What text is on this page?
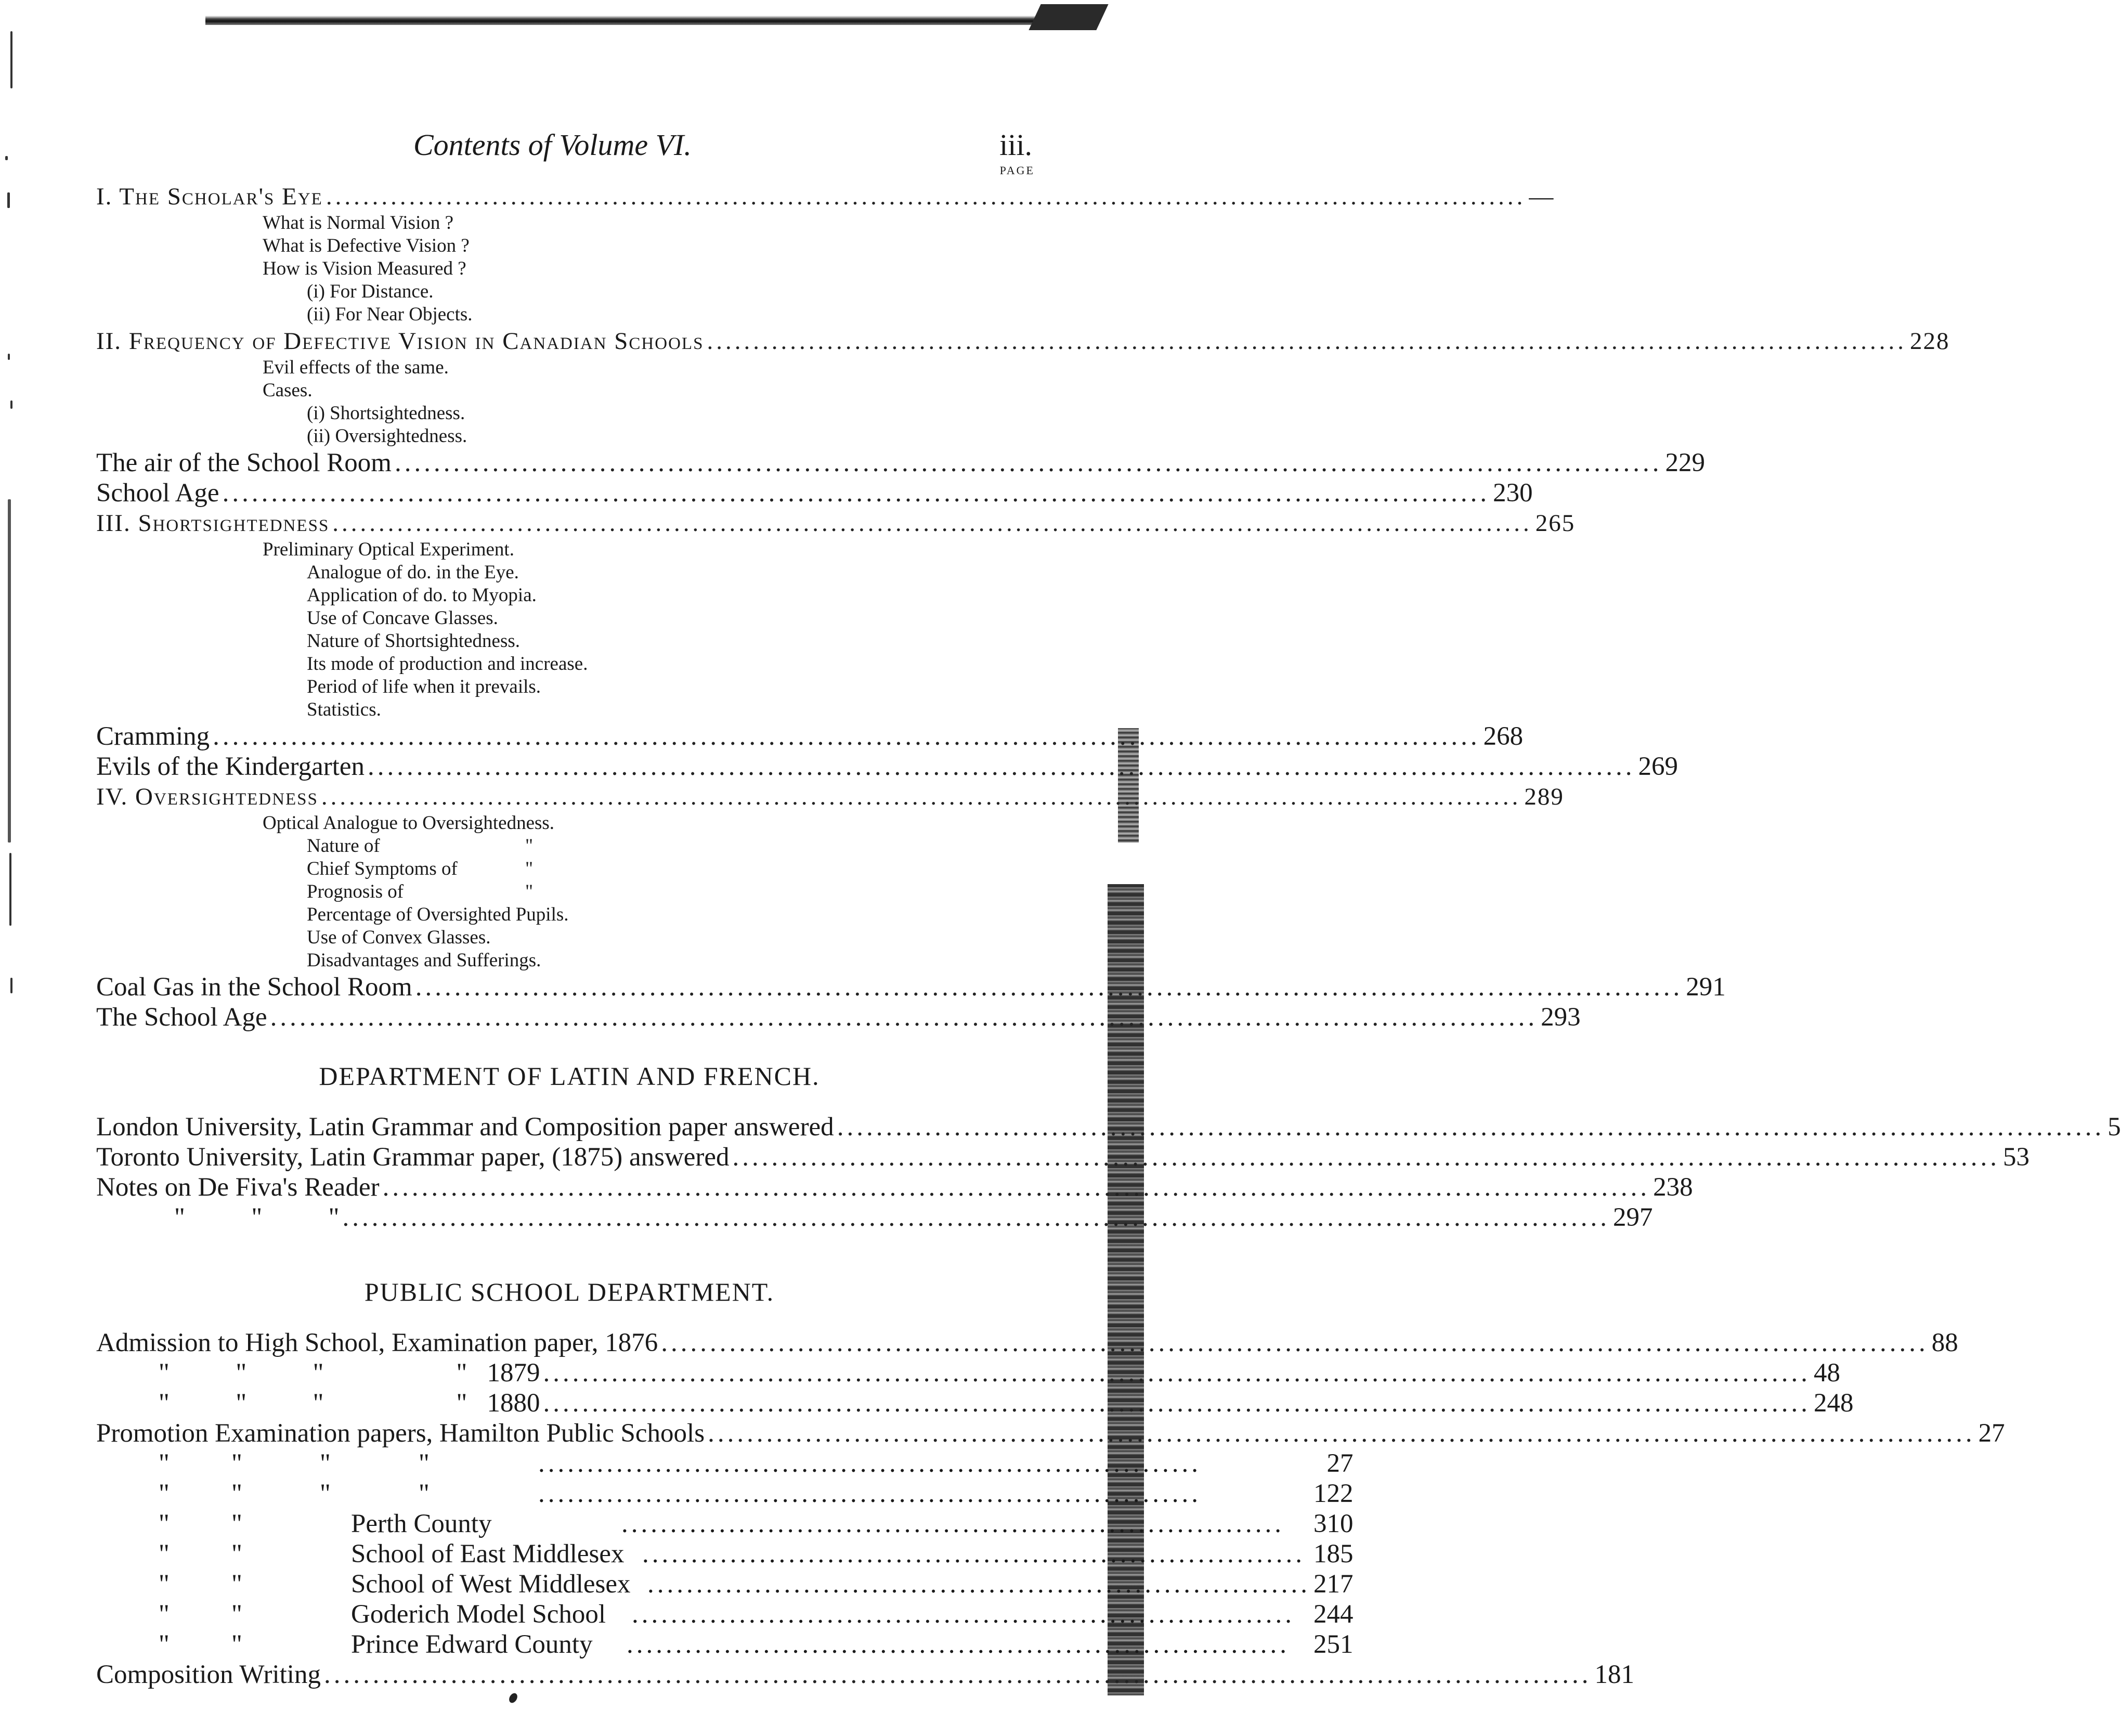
Contents of Volume VI.	iii.
PAGE
I. The Scholar's Eye .................................................................................................................................. —
What is Normal Vision ?
What is Defective Vision ?
How is Vision Measured ?
(i) For Distance.
(ii) For Near Objects.
II. Frequency of Defective Vision in Canadian Schools .................................................................................................................................. 228
Evil effects of the same.
Cases.
(i) Shortsightedness.
(ii) Oversightedness.
The air of the School Room .................................................................................................................................. 229
School Age .................................................................................................................................. 230
III. Shortsightedness .................................................................................................................................. 265
Preliminary Optical Experiment.
Analogue of do. in the Eye.
Application of do. to Myopia.
Use of Concave Glasses.
Nature of Shortsightedness.
Its mode of production and increase.
Period of life when it prevails.
Statistics.
Cramming .................................................................................................................................. 268
Evils of the Kindergarten .................................................................................................................................. 269
IV. Oversightedness .................................................................................................................................. 289
Optical Analogue to Oversightedness.
Nature of	"
Chief Symptoms of	"
Prognosis of	"
Percentage of Oversighted Pupils.
Use of Convex Glasses.
Disadvantages and Sufferings.
Coal Gas in the School Room .................................................................................................................................. 291
The School Age .................................................................................................................................. 293
DEPARTMENT OF LATIN AND FRENCH.
London University, Latin Grammar and Composition paper answered .................................................................................................................................. 5
Toronto University, Latin Grammar paper, (1875) answered .................................................................................................................................. 53
Notes on De Fiva's Reader .................................................................................................................................. 238
"          "          " .................................................................................................................................. 297
PUBLIC SCHOOL DEPARTMENT.
Admission to High School, Examination paper, 1876 .................................................................................................................................. 88
"          "          "                    "   1879 .................................................................................................................................. 48
"          "          "                    "   1880 .................................................................................................................................. 248
Promotion Examination papers, Hamilton Public Schools .................................................................................................................................. 27
"	"	"	"	....................................................................	27
"	"	"	"	....................................................................	122
"	"	Perth County	....................................................................	310
"	"	School of East Middlesex .................................................................... 185
"	"	School of West Middlesex .................................................................... 217
"	"	Goderich Model School .................................................................... 244
"	"	Prince Edward County	.................................................................... 251
Composition Writing .................................................................................................................................. 181
